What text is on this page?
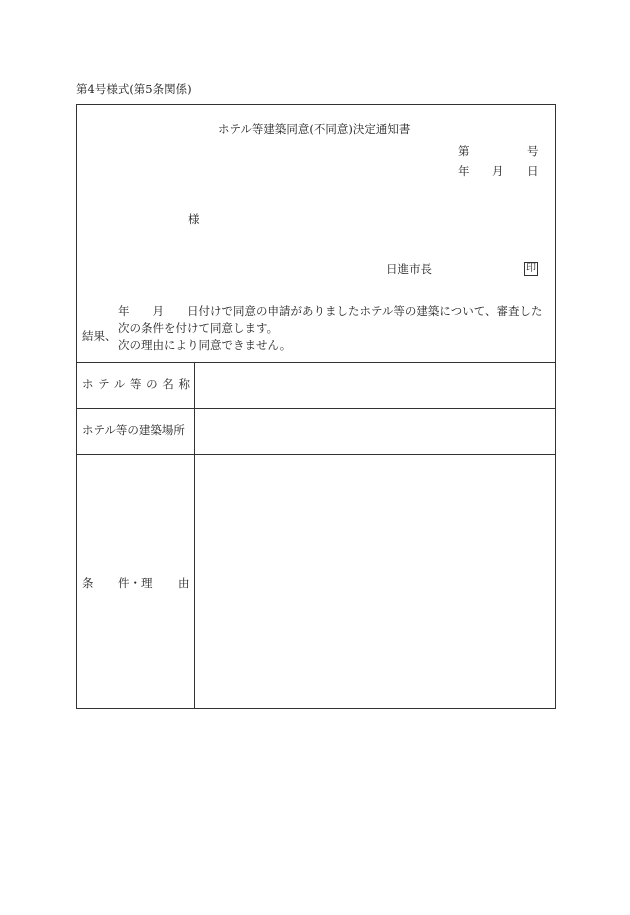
第4号様式(第5条関係)
ホテル等建築同意(不同意)決定通知書
第	号
年 月 日
様
日進市長	印
年　　月　　日付けで同意の申請がありましたホテル等の建築について、審査した
結果、
次の条件を付けて同意します。
次の理由により同意できません。
ホテル等の名称
ホテル等の建築場所
条 件・理 由
